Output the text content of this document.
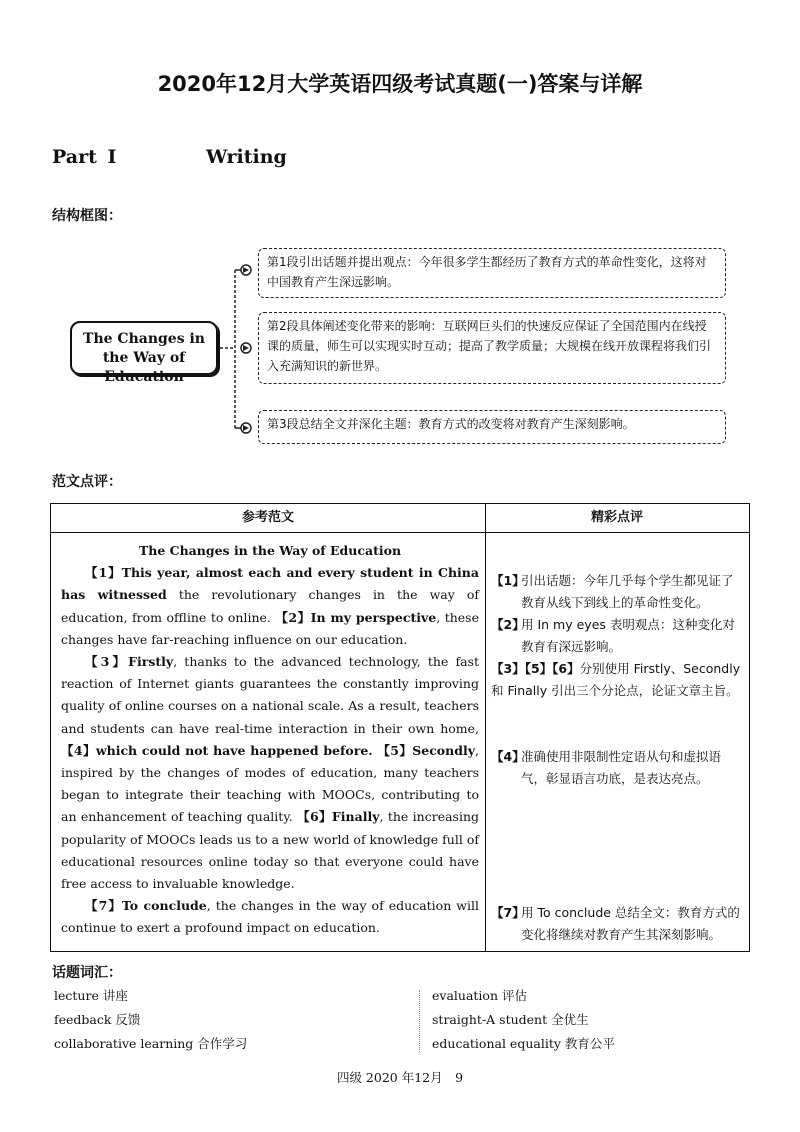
2020年12月大学英语四级考试真题(一)答案与详解
Part Ⅰ	Writing
结构框图：
The Changes in the Way of Education
第1段引出话题并提出观点：今年很多学生都经历了教育方式的革命性变化，这将对中国教育产生深远影响。
第2段具体阐述变化带来的影响：互联网巨头们的快速反应保证了全国范围内在线授课的质量，师生可以实现实时互动；提高了教学质量；大规模在线开放课程将我们引入充满知识的新世界。
第3段总结全文并深化主题：教育方式的改变将对教育产生深刻影响。
范文点评：
参考范文	精彩点评
The Changes in the Way of Education

【1】This year, almost each and every student in China has witnessed the revolutionary changes in the way of education, from offline to online. 【2】In my perspective, these changes have far-reaching influence on our education.

【3】Firstly, thanks to the advanced technology, the fast reaction of Internet giants guarantees the constantly improving quality of online courses on a national scale. As a result, teachers and students can have real-time interaction in their own home, 【4】which could not have happened before. 【5】Secondly, inspired by the changes of modes of education, many teachers began to integrate their teaching with MOOCs, contributing to an enhancement of teaching quality. 【6】Finally, the increasing popularity of MOOCs leads us to a new world of knowledge full of educational resources online today so that everyone could have free access to invaluable knowledge.

【7】To conclude, the changes in the way of education will continue to exert a profound impact on education.

【1】
引出话题：今年几乎每个学生都见证了教育从线下到线上的革命性变化。
【2】
用 In my eyes 表明观点：这种变化对教育有深远影响。
【3】【5】【6】分别使用 Firstly、Secondly 和 Finally 引出三个分论点，论证文章主旨。
【4】
准确使用非限制性定语从句和虚拟语气，彰显语言功底，是表达亮点。
【7】
用 To conclude 总结全文：教育方式的变化将继续对教育产生其深刻影响。
话题词汇：
lecture 讲座
feedback 反馈
collaborative learning 合作学习
evaluation 评估
straight-A student 全优生
educational equality 教育公平
四级 2020 年12月　9
